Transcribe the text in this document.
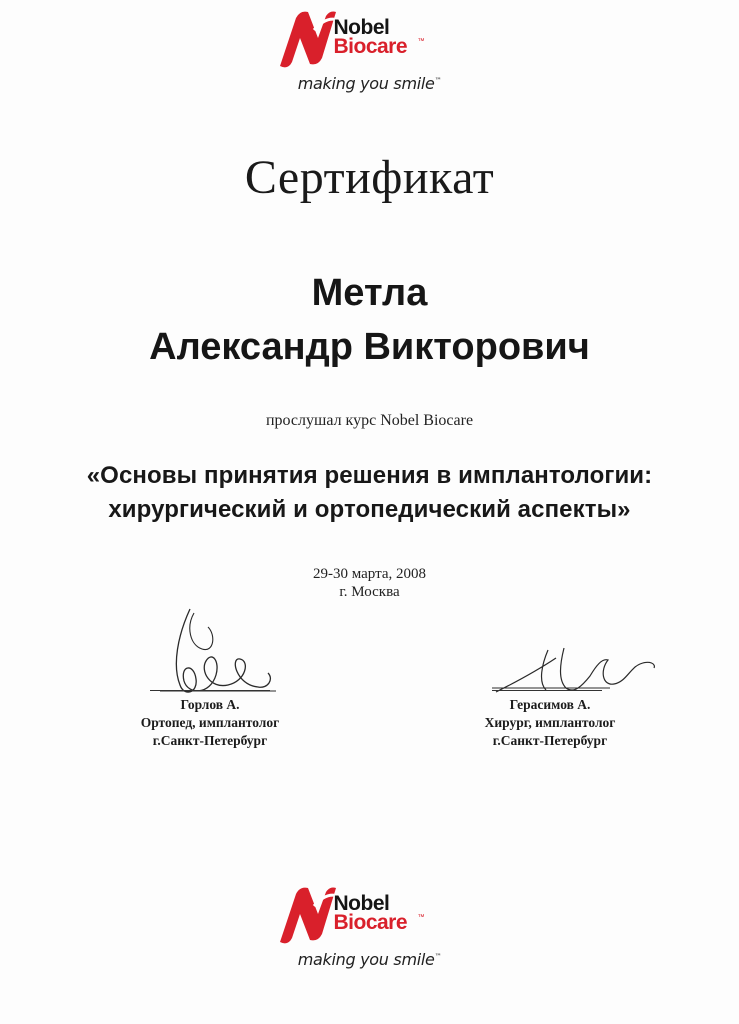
Nobel
Biocare ™
making you smile™
Сертификат
Метла
Александр Викторович
прослушал курс Nobel Biocare
«Основы принятия решения в имплантологии:
хирургический и ортопедический аспекты»
29-30 марта, 2008
г. Москва
Горлов А.
Ортопед, имплантолог
г.Санкт-Петербург
Герасимов А.
Хирург, имплантолог
г.Санкт-Петербург
Nobel
Biocare ™
making you smile™
